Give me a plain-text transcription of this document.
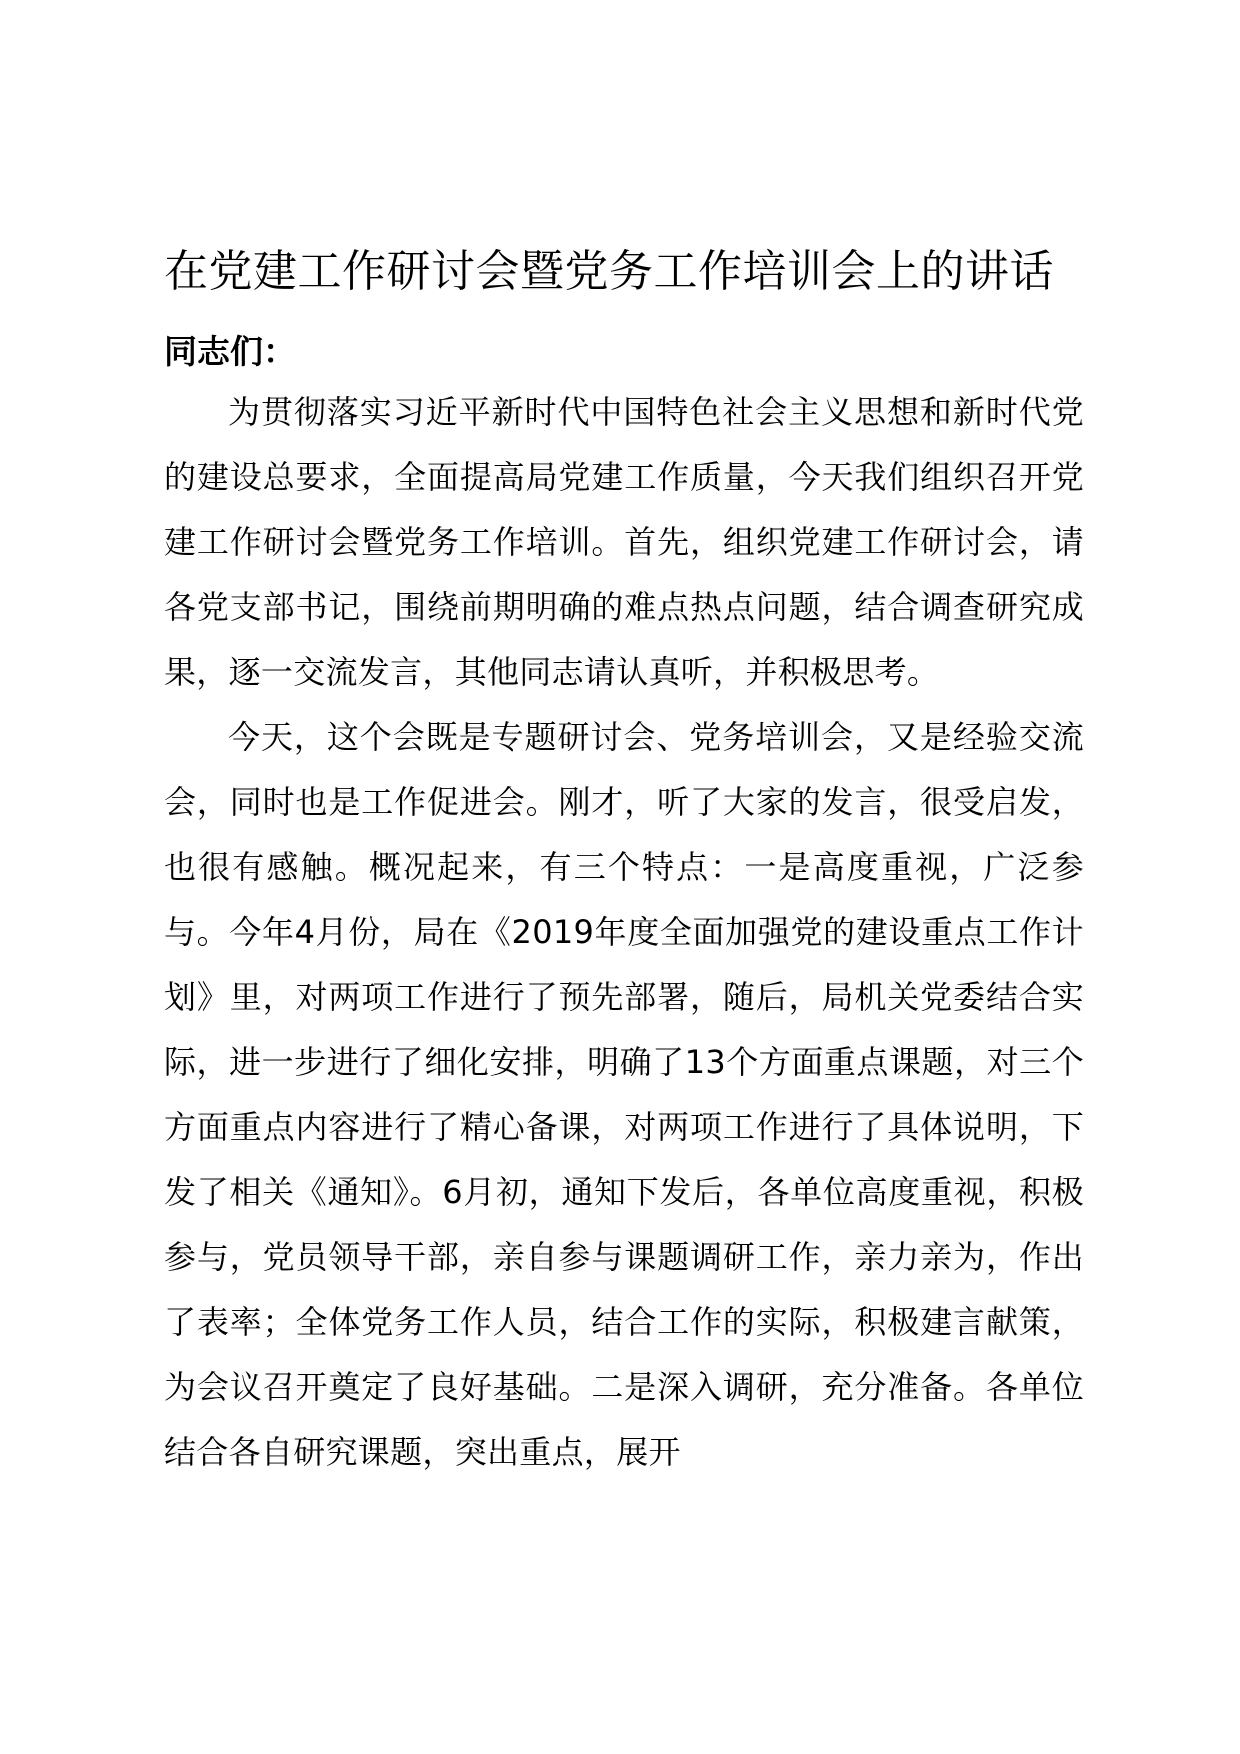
在党建工作研讨会暨党务工作培训会上的讲话

同志们：

为贯彻落实习近平新时代中国特色社会主义思想和新时代党的建设总要求，全面提高局党建工作质量，今天我们组织召开党建工作研讨会暨党务工作培训。首先，组织党建工作研讨会，请各党支部书记，围绕前期明确的难点热点问题，结合调查研究成果，逐一交流发言，其他同志请认真听，并积极思考。

今天，这个会既是专题研讨会、党务培训会，又是经验交流会，同时也是工作促进会。刚才，听了大家的发言，很受启发，也很有感触。概况起来，有三个特点：一是高度重视，广泛参与。今年4月份，局在《2019年度全面加强党的建设重点工作计划》里，对两项工作进行了预先部署，随后，局机关党委结合实际，进一步进行了细化安排，明确了13个方面重点课题，对三个方面重点内容进行了精心备课，对两项工作进行了具体说明，下发了相关《通知》。6月初，通知下发后，各单位高度重视，积极参与，党员领导干部，亲自参与课题调研工作，亲力亲为，作出了表率；全体党务工作人员，结合工作的实际，积极建言献策，为会议召开奠定了良好基础。二是深入调研，充分准备。各单位结合各自研究课题，突出重点，展开
